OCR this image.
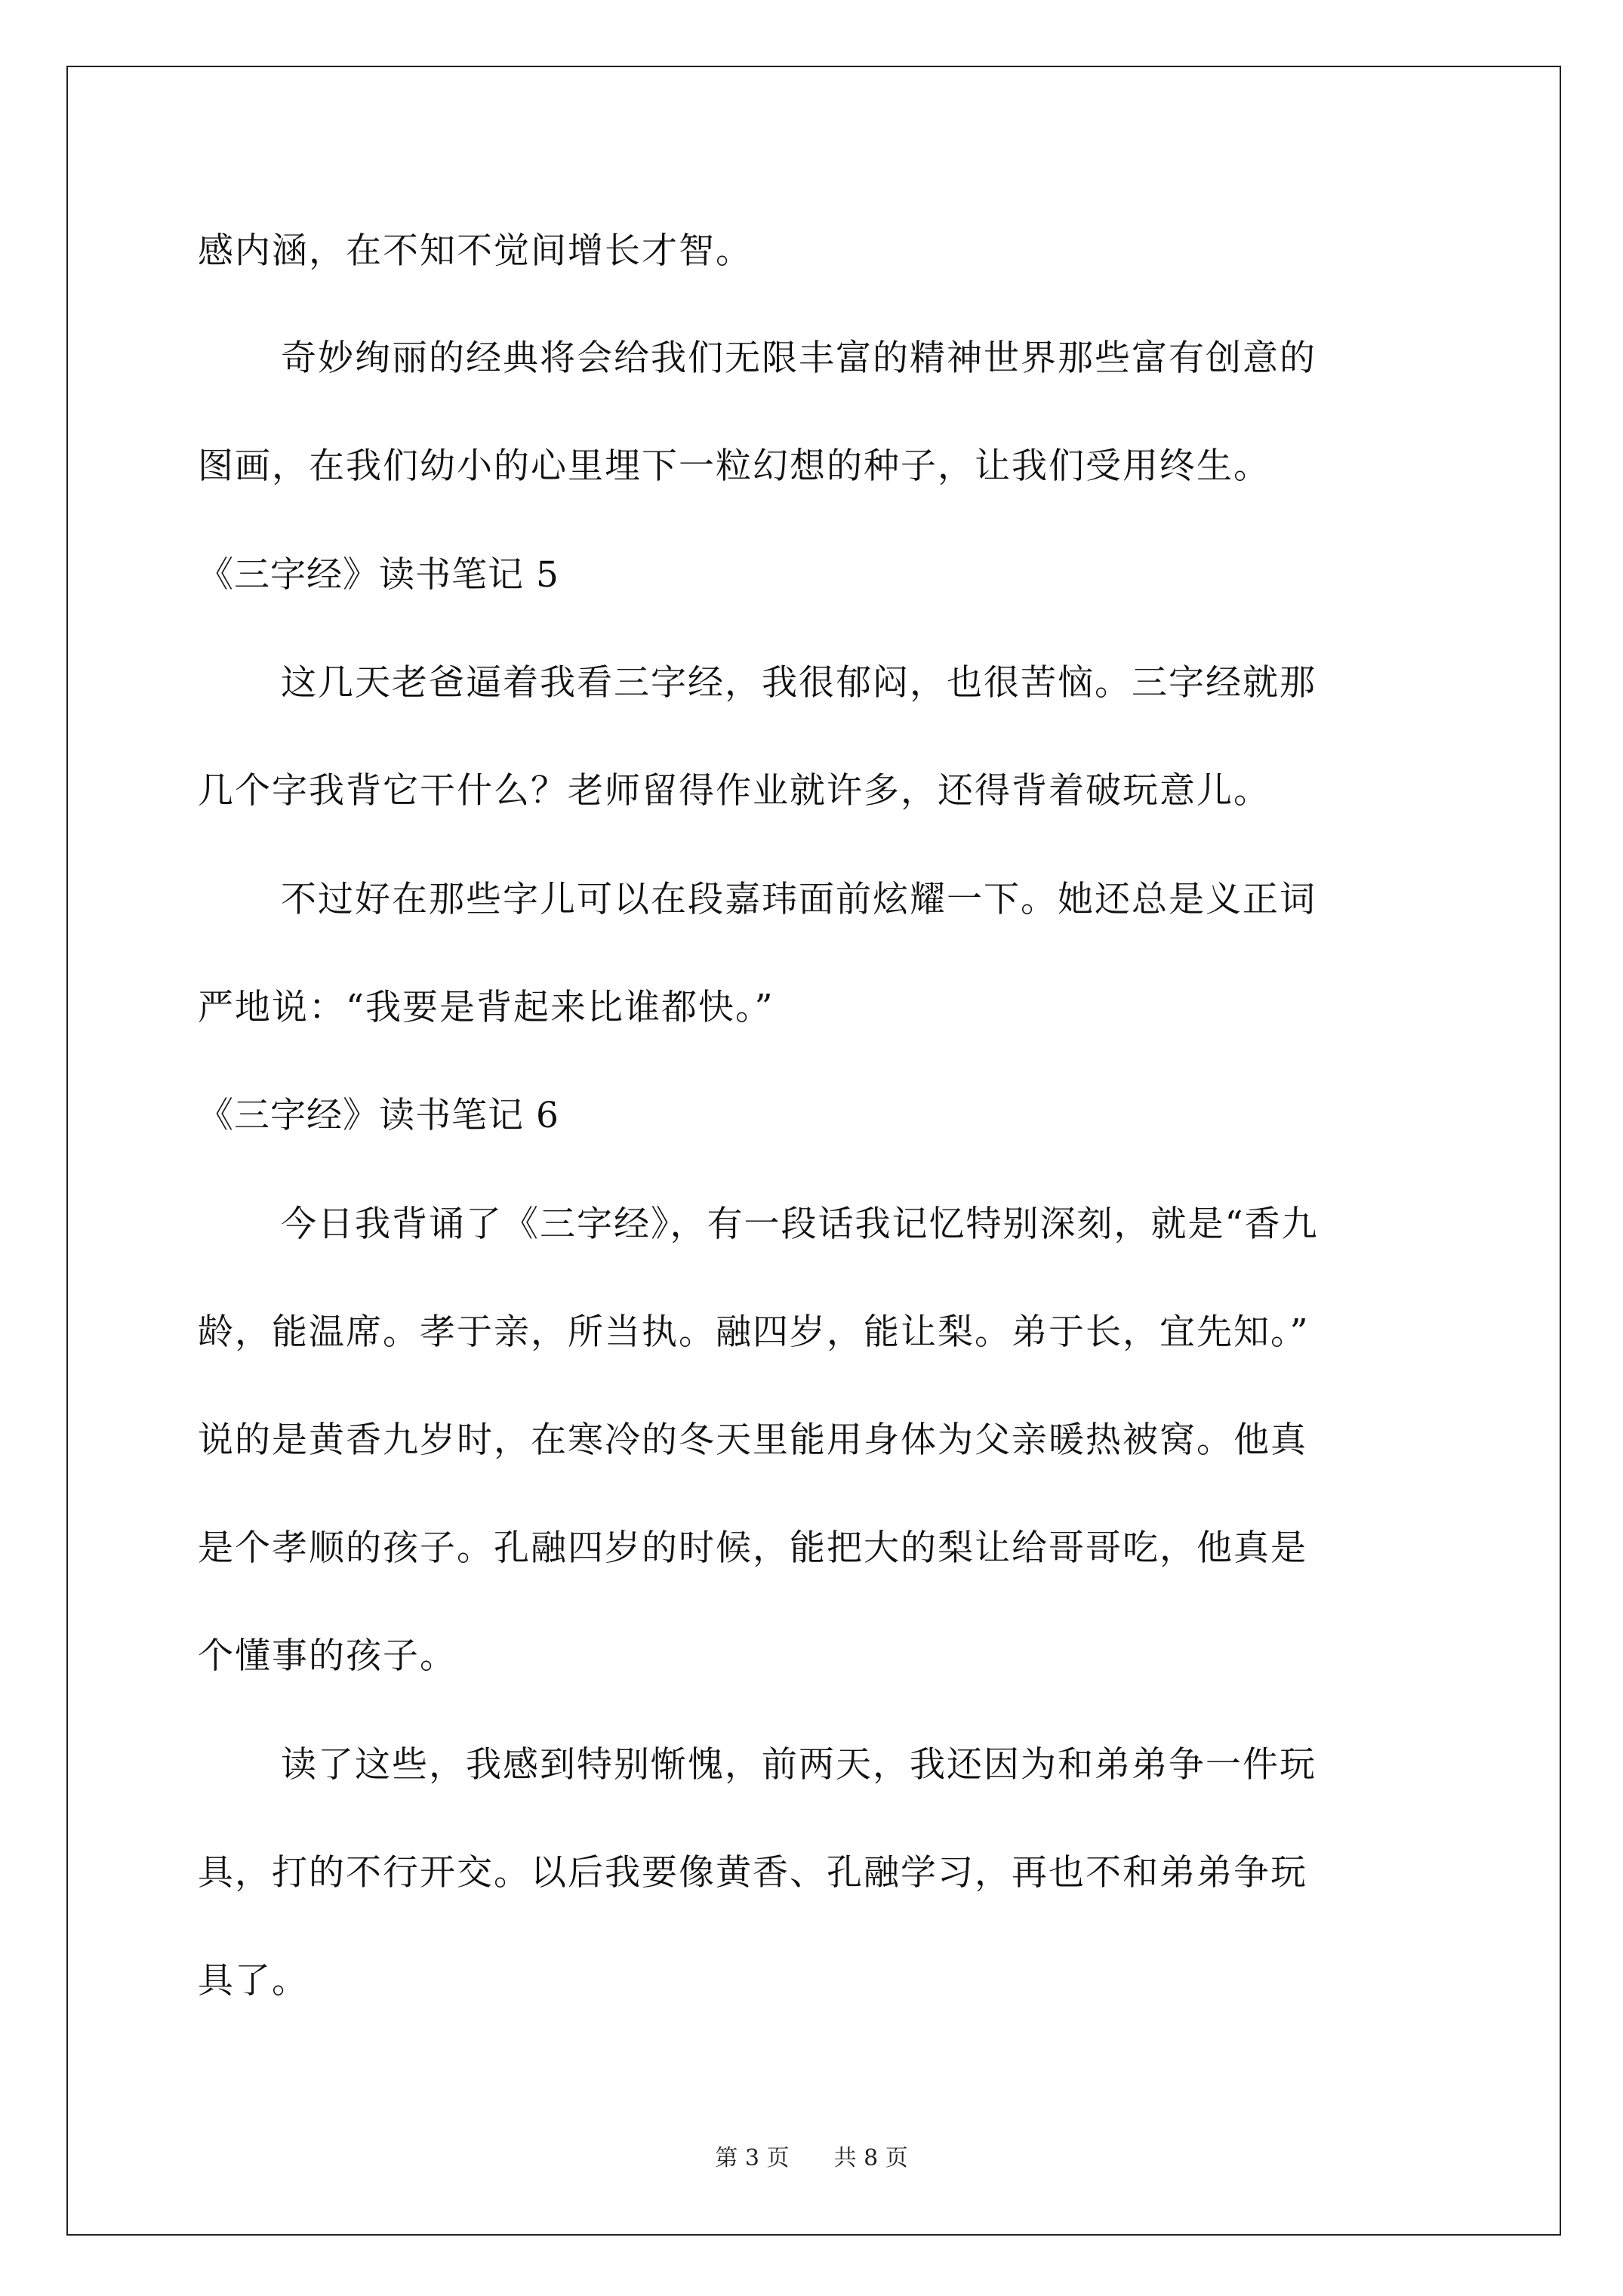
感内涵，在不知不觉间增长才智。
奇妙绚丽的经典将会给我们无限丰富的精神世界那些富有创意的
图画，在我们幼小的心里埋下一粒幻想的种子，让我们受用终生。
《三字经》读书笔记 5
这几天老爸逼着我看三字经，我很郁闷，也很苦恼。三字经就那
几个字我背它干什么？老师留得作业就许多，还得背着破玩意儿。
不过好在那些字儿可以在段嘉玮面前炫耀一下。她还总是义正词
严地说：“我要是背起来比谁都快。”
《三字经》读书笔记 6
今日我背诵了《三字经》，有一段话我记忆特别深刻，就是“香九
龄，能温席。孝于亲，所当执。融四岁，能让梨。弟于长，宜先知。”
说的是黄香九岁时，在寒冷的冬天里能用身体为父亲暖热被窝。他真
是个孝顺的孩子。孔融四岁的时候，能把大的梨让给哥哥吃，他真是
个懂事的孩子。
读了这些，我感到特别惭愧，前两天，我还因为和弟弟争一件玩
具，打的不行开交。以后我要像黄香、孔融学习，再也不和弟弟争玩
具了。
第 3 页 共 8 页
